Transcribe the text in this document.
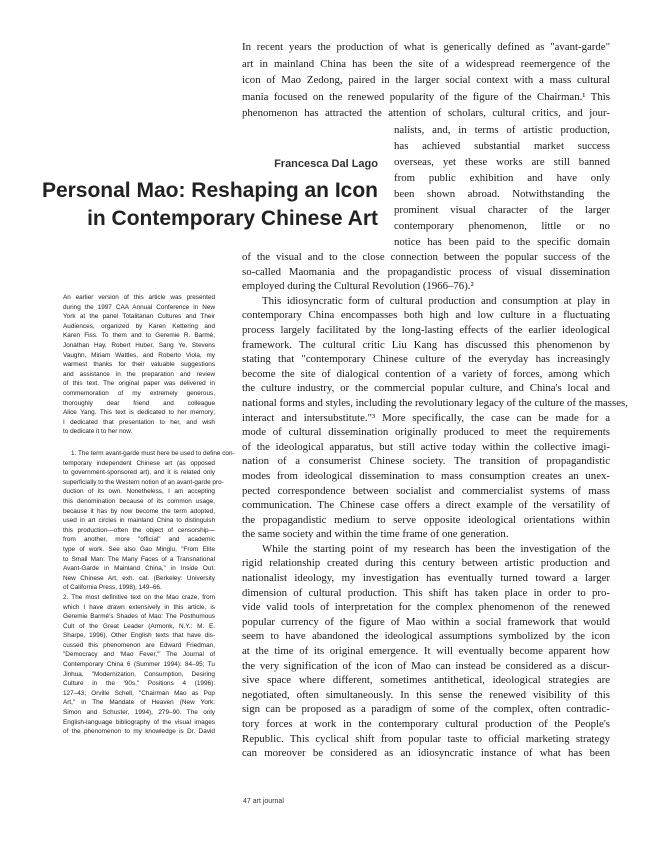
Francesca Dal Lago
Personal Mao: Reshaping an Icon
in Contemporary Chinese Art
In recent years the production of what is generically defined as "avant-garde"
art in mainland China has been the site of a widespread reemergence of the
icon of Mao Zedong, paired in the larger social context with a mass cultural
mania focused on the renewed popularity of the figure of the Chairman.¹ This
phenomenon has attracted the attention of scholars, cultural critics, and jour-
nalists, and, in terms of artistic production,
has achieved substantial market success
overseas, yet these works are still banned
from public exhibition and have only
been shown abroad. Notwithstanding the
prominent visual character of the larger
contemporary phenomenon, little or no
notice has been paid to the specific domain
of the visual and to the close connection between the popular success of the
so-called Maomania and the propagandistic process of visual dissemination
employed during the Cultural Revolution (1966–76).²
This idiosyncratic form of cultural production and consumption at play in
contemporary China encompasses both high and low culture in a fluctuating
process largely facilitated by the long-lasting effects of the earlier ideological
framework. The cultural critic Liu Kang has discussed this phenomenon by
stating that "contemporary Chinese culture of the everyday has increasingly
become the site of dialogical contention of a variety of forces, among which
the culture industry, or the commercial popular culture, and China's local and
national forms and styles, including the revolutionary legacy of the culture of the masses,
interact and intersubstitute."³ More specifically, the case can be made for a
mode of cultural dissemination originally produced to meet the requirements
of the ideological apparatus, but still active today within the collective imagi-
nation of a consumerist Chinese society. The transition of propagandistic
modes from ideological dissemination to mass consumption creates an unex-
pected correspondence between socialist and commercialist systems of mass
communication. The Chinese case offers a direct example of the versatility of
the propagandistic medium to serve opposite ideological orientations within
the same society and within the time frame of one generation.
While the starting point of my research has been the investigation of the
rigid relationship created during this century between artistic production and
nationalist ideology, my investigation has eventually turned toward a larger
dimension of cultural production. This shift has taken place in order to pro-
vide valid tools of interpretation for the complex phenomenon of the renewed
popular currency of the figure of Mao within a social framework that would
seem to have abandoned the ideological assumptions symbolized by the icon
at the time of its original emergence. It will eventually become apparent how
the very signification of the icon of Mao can instead be considered as a discur-
sive space where different, sometimes antithetical, ideological strategies are
negotiated, often simultaneously. In this sense the renewed visibility of this
sign can be proposed as a paradigm of some of the complex, often contradic-
tory forces at work in the contemporary cultural production of the People's
Republic. This cyclical shift from popular taste to official marketing strategy
can moreover be considered as an idiosyncratic instance of what has been
An earlier version of this article was presented
during the 1997 CAA Annual Conference in New
York at the panel Totalitarian Cultures and Their
Audiences, organized by Karen Kettering and
Karen Fiss. To them and to Geremie R. Barmé,
Jonathan Hay, Robert Huber, Sang Ye, Stevens
Vaughn, Miriam Wattles, and Roberto Viola, my
warmest thanks for their valuable suggestions
and assistance in the preparation and review
of this text. The original paper was delivered in
commemoration of my extremely generous,
thoroughly dear friend and colleague
Alice Yang. This text is dedicated to her memory;
I dedicated that presentation to her, and wish
to dedicate it to her now.
1. The term avant-garde must here be used to define con-
temporary independent Chinese art (as opposed
to government-sponsored art), and it is related only
superficially to the Western notion of an avant-garde pro-
duction of its own. Nonetheless, I am accepting
this denomination because of its common usage,
because it has by now become the term adopted,
used in art circles in mainland China to distinguish
this production—often the object of censorship—
from another, more "official" and academic
type of work. See also Gao Minglu, "From Elite
to Small Man: The Many Faces of a Transnational
Avant-Garde in Mainland China," in Inside Out:
New Chinese Art, exh. cat. (Berkeley: University
of California Press, 1998), 149–66.
2. The most definitive text on the Mao craze, from
which I have drawn extensively in this article, is
Geremie Barmé's Shades of Mao: The Posthumous
Cult of the Great Leader (Armonk, N.Y.: M. E.
Sharpe, 1996). Other English texts that have dis-
cussed this phenomenon are Edward Friedman,
"Democracy and 'Mao Fever,'" The Journal of
Contemporary China 6 (Summer 1994): 84–95; Tu
Jinhua, "Modernization, Consumption, Desiring
Culture in the '90s," Positions 4 (1996):
127–43; Orville Schell, "Chairman Mao as Pop
Art," in The Mandate of Heaven (New York:
Simon and Schuster, 1994), 279–90. The only
English-language bibliography of the visual images
of the phenomenon to my knowledge is Dr. David
47 art journal
